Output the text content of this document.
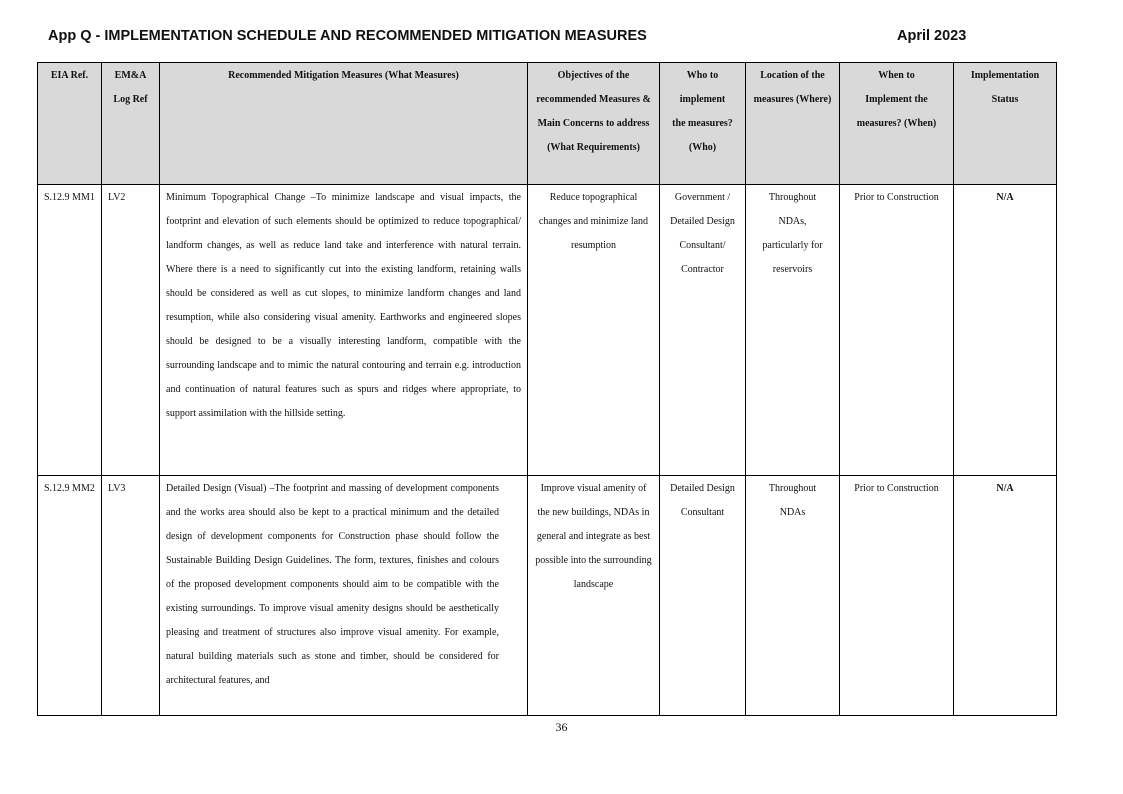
App Q - IMPLEMENTATION SCHEDULE AND RECOMMENDED MITIGATION MEASURES	April 2023
EIA Ref.	EM&A Log Ref	Recommended Mitigation Measures (What Measures)	Objectives of the recommended Measures & Main Concerns to address (What Requirements)	Who to implement the measures? (Who)	Location of the measures (Where)	When to Implement the measures? (When)	Implementation Status
S.12.9 MM1	LV2	Minimum Topographical Change –To minimize landscape and visual impacts, the footprint and elevation of such elements should be optimized to reduce topographical/ landform changes, as well as reduce land take and interference with natural terrain. Where there is a need to significantly cut into the existing landform, retaining walls should be considered as well as cut slopes, to minimize landform changes and land resumption, while also considering visual amenity. Earthworks and engineered slopes should be designed to be a visually interesting landform, compatible with the surrounding landscape and to mimic the natural contouring and terrain e.g. introduction and continuation of natural features such as spurs and ridges where appropriate, to support assimilation with the hillside setting.	Reduce topographical changes and minimize land resumption	Government / Detailed Design Consultant/ Contractor	Throughout NDAs, particularly for reservoirs	Prior to Construction	N/A
S.12.9 MM2	LV3	Detailed Design (Visual) –The footprint and massing of development components and the works area should also be kept to a practical minimum and the detailed design of development components for Construction phase should follow the Sustainable Building Design Guidelines. The form, textures, finishes and colours of the proposed development components should aim to be compatible with the existing surroundings. To improve visual amenity designs should be aesthetically pleasing and treatment of structures also improve visual amenity. For example, natural building materials such as stone and timber, should be considered for architectural features, and	Improve visual amenity of the new buildings, NDAs in general and integrate as best possible into the surrounding landscape	Detailed Design Consultant	Throughout NDAs	Prior to Construction	N/A
36
